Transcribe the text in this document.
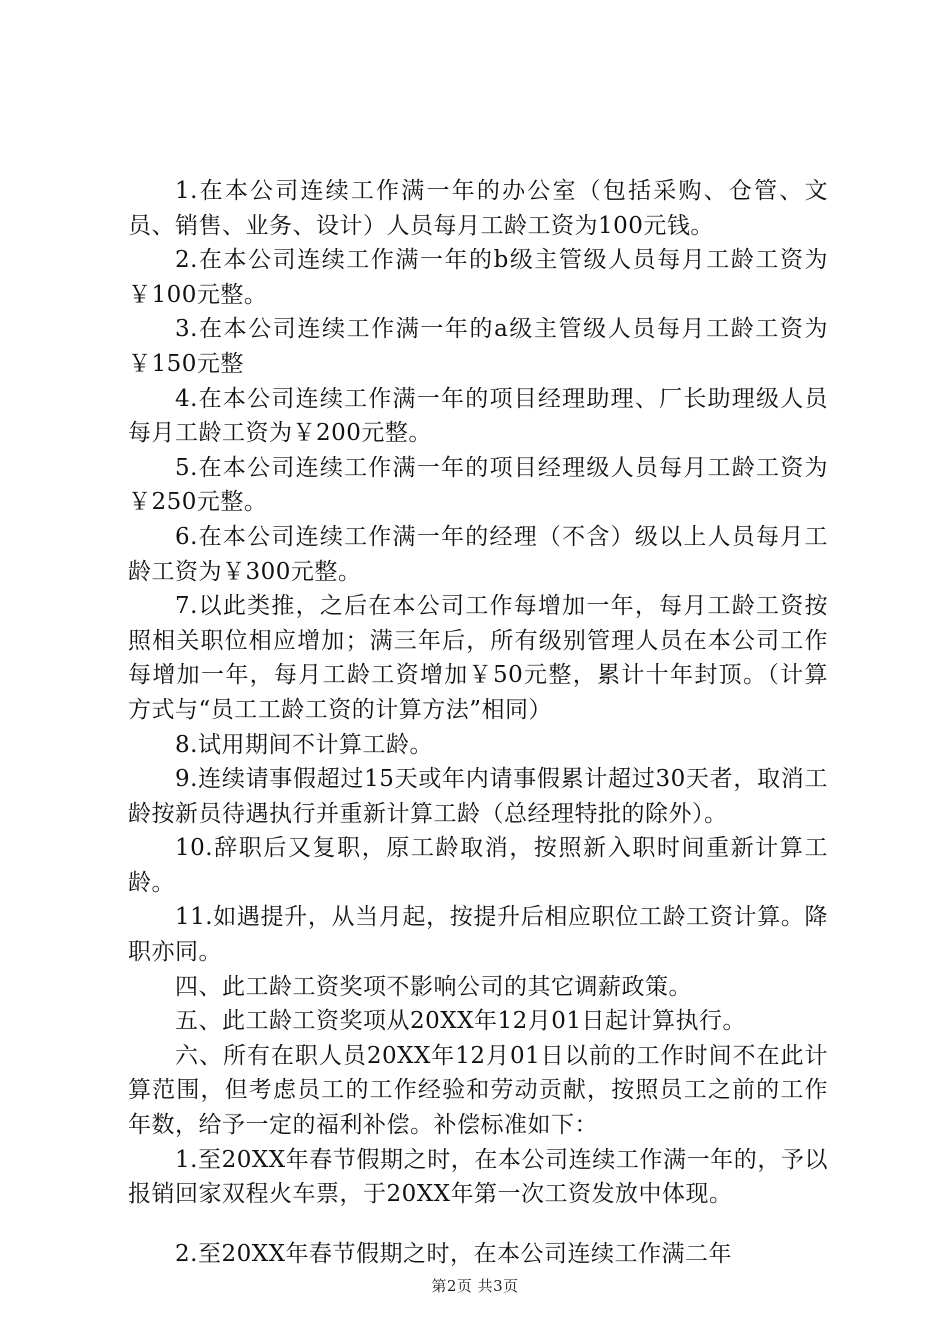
1.在本公司连续工作满一年的办公室（包括采购、仓管、文员、销售、业务、设计）人员每月工龄工资为100元钱。

2.在本公司连续工作满一年的b级主管级人员每月工龄工资为￥100元整。

3.在本公司连续工作满一年的a级主管级人员每月工龄工资为￥150元整

4.在本公司连续工作满一年的项目经理助理、厂长助理级人员每月工龄工资为￥200元整。

5.在本公司连续工作满一年的项目经理级人员每月工龄工资为￥250元整。

6.在本公司连续工作满一年的经理（不含）级以上人员每月工龄工资为￥300元整。

7.以此类推，之后在本公司工作每增加一年，每月工龄工资按照相关职位相应增加；满三年后，所有级别管理人员在本公司工作每增加一年，每月工龄工资增加￥50元整，累计十年封顶。（计算方式与“员工工龄工资的计算方法”相同）

8.试用期间不计算工龄。

9.连续请事假超过15天或年内请事假累计超过30天者，取消工龄按新员待遇执行并重新计算工龄（总经理特批的除外）。

10.辞职后又复职，原工龄取消，按照新入职时间重新计算工龄。

11.如遇提升，从当月起，按提升后相应职位工龄工资计算。降职亦同。

四、此工龄工资奖项不影响公司的其它调薪政策。

五、此工龄工资奖项从20XX年12月01日起计算执行。

六、所有在职人员20XX年12月01日以前的工作时间不在此计算范围，但考虑员工的工作经验和劳动贡献，按照员工之前的工作年数，给予一定的福利补偿。补偿标准如下：

1.至20XX年春节假期之时，在本公司连续工作满一年的，予以报销回家双程火车票，于20XX年第一次工资发放中体现。

2.至20XX年春节假期之时，在本公司连续工作满二年

第2页 共3页
